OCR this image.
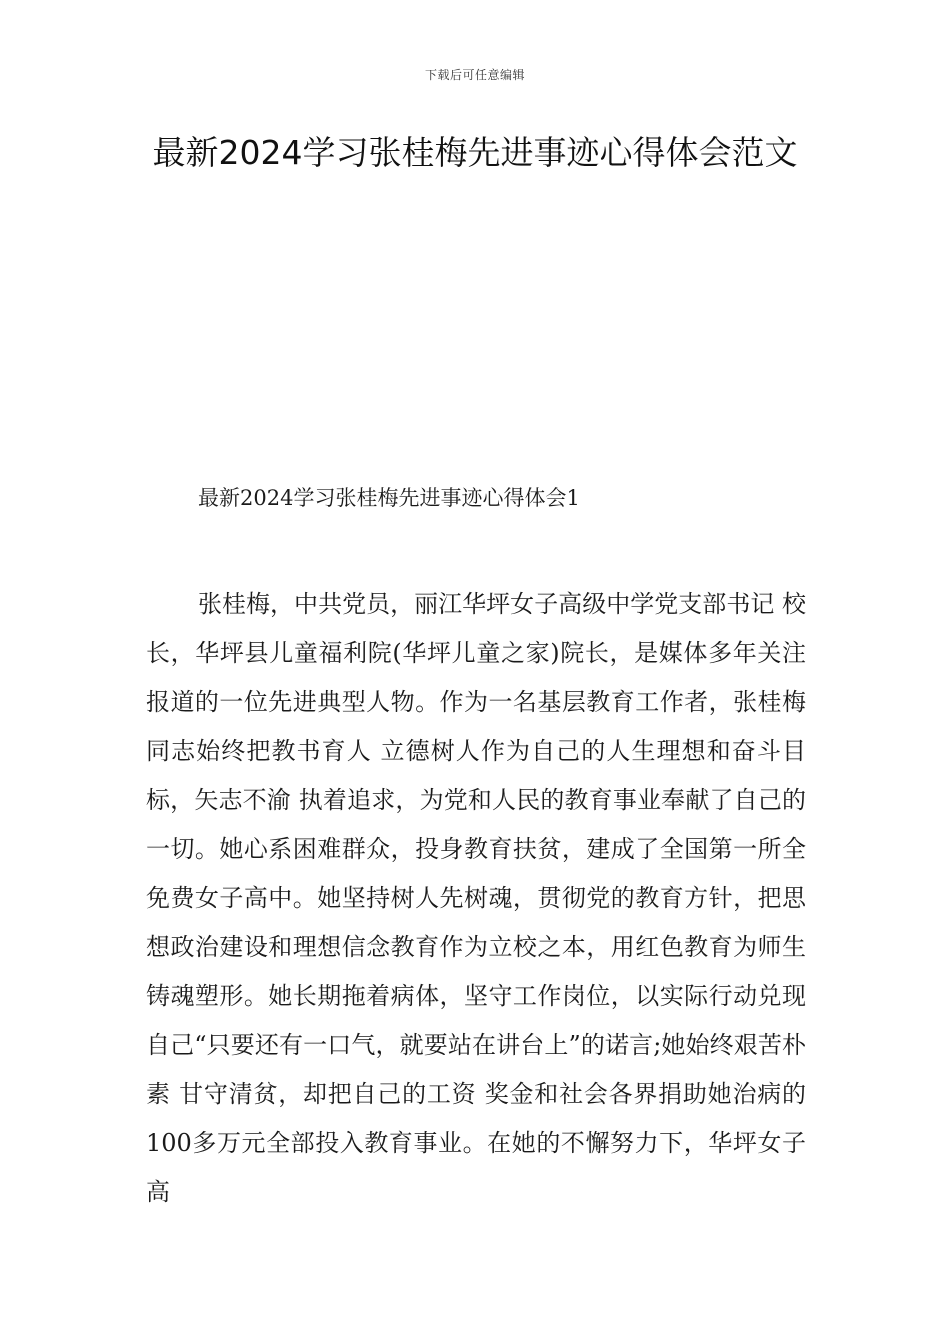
下载后可任意编辑
最新2024学习张桂梅先进事迹心得体会范文
最新2024学习张桂梅先进事迹心得体会1

张桂梅，中共党员，丽江华坪女子高级中学党支部书记 校长，华坪县儿童福利院(华坪儿童之家)院长，是媒体多年关注报道的一位先进典型人物。作为一名基层教育工作者，张桂梅同志始终把教书育人 立德树人作为自己的人生理想和奋斗目标，矢志不渝 执着追求，为党和人民的教育事业奉献了自己的一切。她心系困难群众，投身教育扶贫，建成了全国第一所全免费女子高中。她坚持树人先树魂，贯彻党的教育方针，把思想政治建设和理想信念教育作为立校之本，用红色教育为师生铸魂塑形。她长期拖着病体，坚守工作岗位，以实际行动兑现自己“只要还有一口气，就要站在讲台上”的诺言;她始终艰苦朴素 甘守清贫，却把自己的工资 奖金和社会各界捐助她治病的100多万元全部投入教育事业。在她的不懈努力下，华坪女子高
